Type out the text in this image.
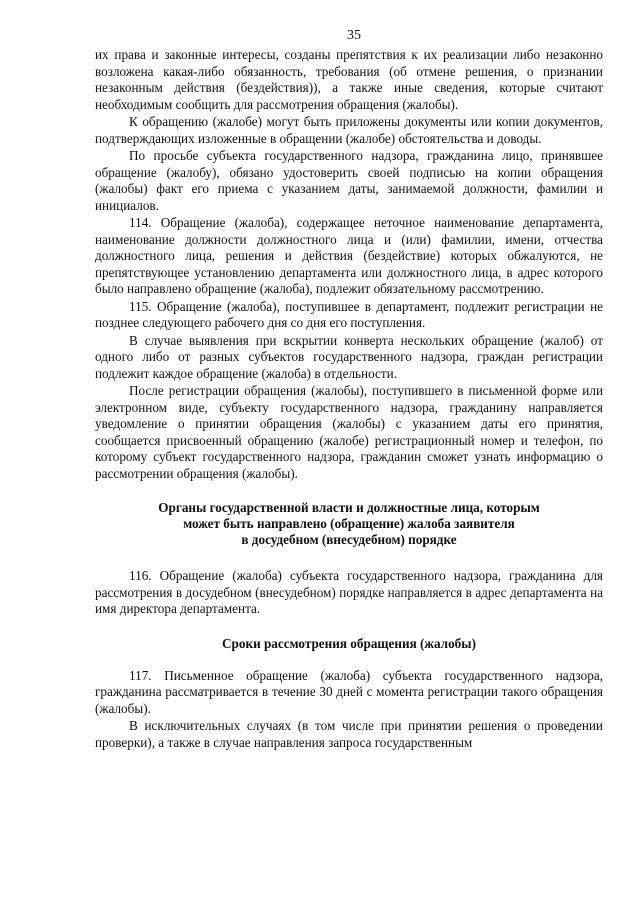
35

их права и законные интересы, созданы препятствия к их реализации либо незаконно возложена какая-либо обязанность, требования (об отмене решения, о признании незаконным действия (бездействия)), а также иные сведения, которые считают необходимым сообщить для рассмотрения обращения (жалобы).

К обращению (жалобе) могут быть приложены документы или копии документов, подтверждающих изложенные в обращении (жалобе) обстоятельства и доводы.

По просьбе субъекта государственного надзора, гражданина лицо, принявшее обращение (жалобу), обязано удостоверить своей подписью на копии обращения (жалобы) факт его приема с указанием даты, занимаемой должности, фамилии и инициалов.

114. Обращение (жалоба), содержащее неточное наименование департамента, наименование должности должностного лица и (или) фамилии, имени, отчества должностного лица, решения и действия (бездействие) которых обжалуются, не препятствующее установлению департамента или должностного лица, в адрес которого было направлено обращение (жалоба), подлежит обязательному рассмотрению.

115. Обращение (жалоба), поступившее в департамент, подлежит регистрации не позднее следующего рабочего дня со дня его поступления.

В случае выявления при вскрытии конверта нескольких обращение (жалоб) от одного либо от разных субъектов государственного надзора, граждан регистрации подлежит каждое обращение (жалоба) в отдельности.

После регистрации обращения (жалобы), поступившего в письменной форме или электронном виде, субъекту государственного надзора, гражданину направляется уведомление о принятии обращения (жалобы) с указанием даты его принятия, сообщается присвоенный обращению (жалобе) регистрационный номер и телефон, по которому субъект государственного надзора, гражданин сможет узнать информацию о рассмотрении обращения (жалобы).

Органы государственной власти и должностные лица, которым

может быть направлено (обращение) жалоба заявителя

в досудебном (внесудебном) порядке

116. Обращение (жалоба) субъекта государственного надзора, гражданина для рассмотрения в досудебном (внесудебном) порядке направляется в адрес департамента на имя директора департамента.

Сроки рассмотрения обращения (жалобы)

117. Письменное обращение (жалоба) субъекта государственного надзора, гражданина рассматривается в течение 30 дней с момента регистрации такого обращения (жалобы).

В исключительных случаях (в том числе при принятии решения о проведении проверки), а также в случае направления запроса государственным
